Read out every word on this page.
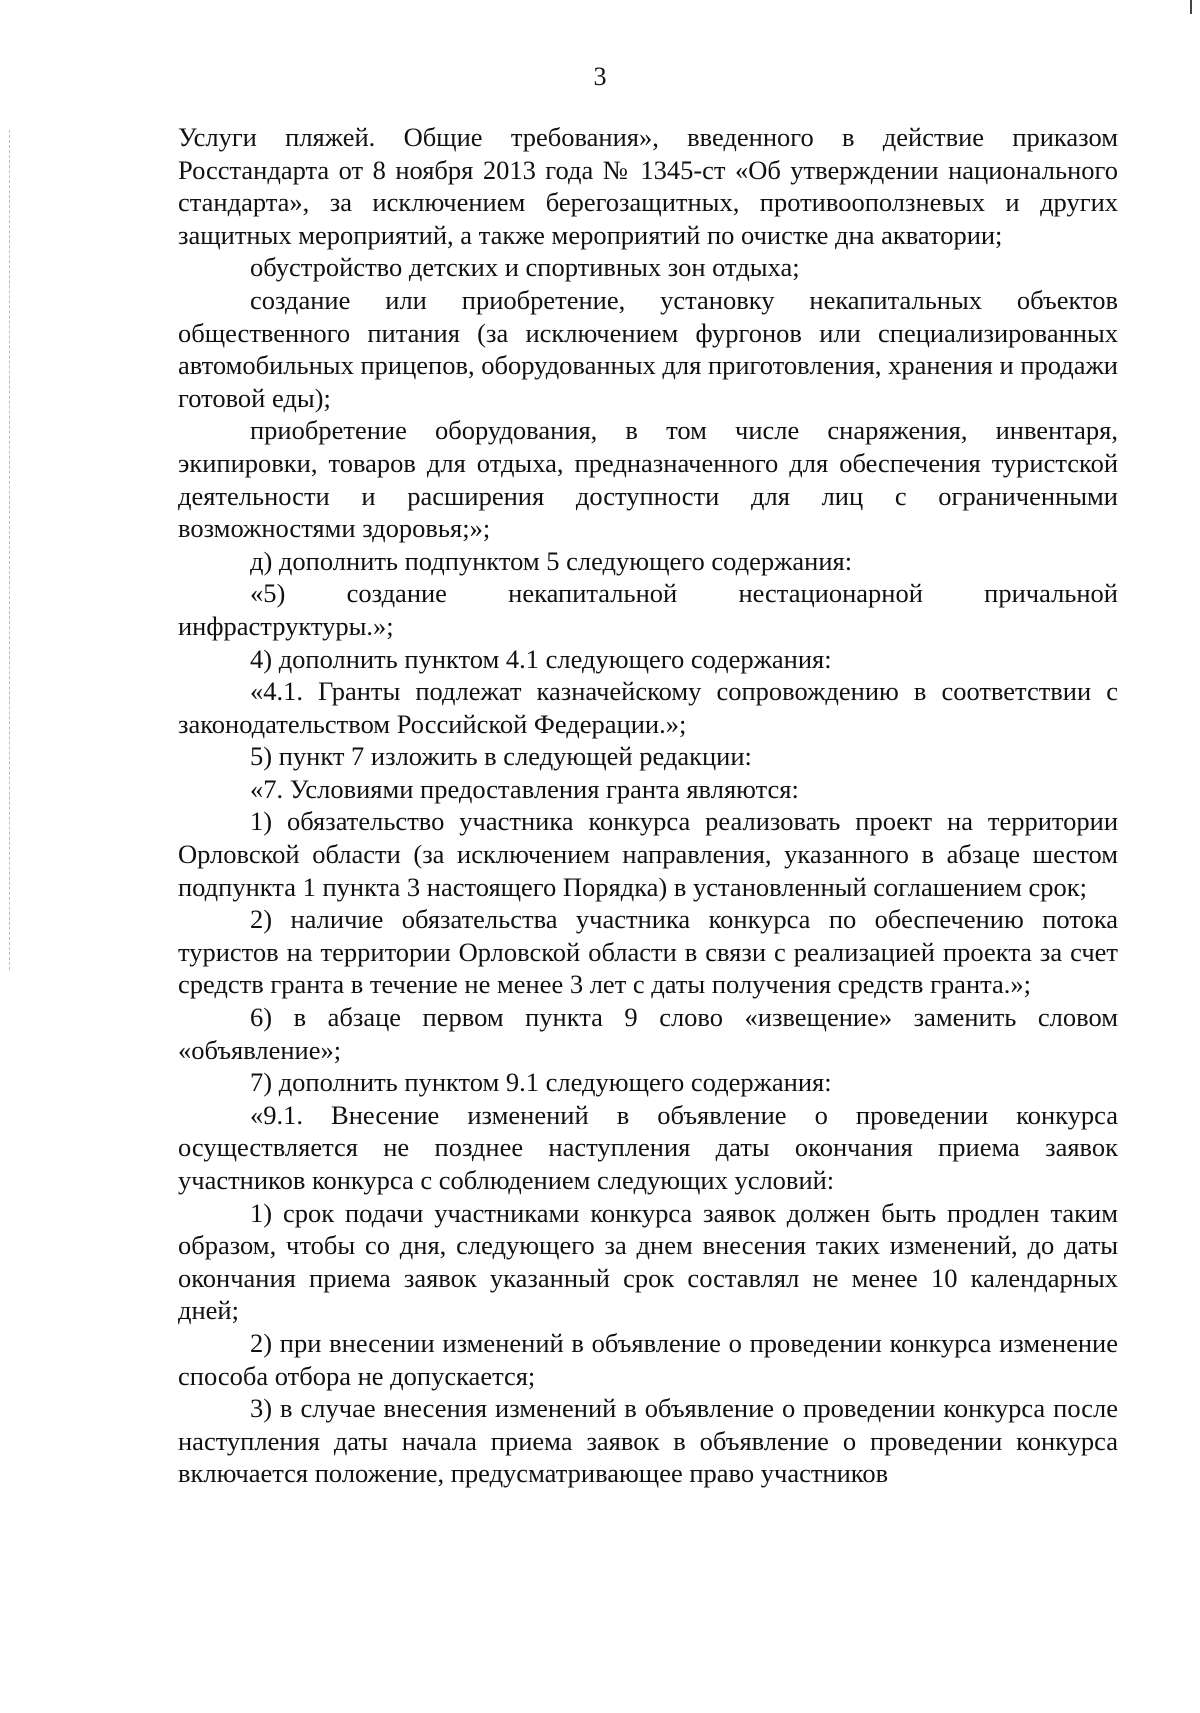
3

Услуги пляжей. Общие требования», введенного в действие приказом Росстандарта от 8 ноября 2013 года № 1345-ст «Об утверждении национального стандарта», за исключением берегозащитных, противооползневых и других защитных мероприятий, а также мероприятий по очистке дна акватории;

обустройство детских и спортивных зон отдыха;

создание или приобретение, установку некапитальных объектов общественного питания (за исключением фургонов или специализированных автомобильных прицепов, оборудованных для приготовления, хранения и продажи готовой еды);

приобретение оборудования, в том числе снаряжения, инвентаря, экипировки, товаров для отдыха, предназначенного для обеспечения туристской деятельности и расширения доступности для лиц с ограниченными возможностями здоровья;»;

д) дополнить подпунктом 5 следующего содержания:

«5) создание некапитальной нестационарной причальной инфраструктуры.»;

4) дополнить пунктом 4.1 следующего содержания:

«4.1. Гранты подлежат казначейскому сопровождению в соответствии с законодательством Российской Федерации.»;

5) пункт 7 изложить в следующей редакции:

«7. Условиями предоставления гранта являются:

1) обязательство участника конкурса реализовать проект на территории Орловской области (за исключением направления, указанного в абзаце шестом подпункта 1 пункта 3 настоящего Порядка) в установленный соглашением срок;

2) наличие обязательства участника конкурса по обеспечению потока туристов на территории Орловской области в связи с реализацией проекта за счет средств гранта в течение не менее 3 лет с даты получения средств гранта.»;

6) в абзаце первом пункта 9 слово «извещение» заменить словом «объявление»;

7) дополнить пунктом 9.1 следующего содержания:

«9.1. Внесение изменений в объявление о проведении конкурса осуществляется не позднее наступления даты окончания приема заявок участников конкурса с соблюдением следующих условий:

1) срок подачи участниками конкурса заявок должен быть продлен таким образом, чтобы со дня, следующего за днем внесения таких изменений, до даты окончания приема заявок указанный срок составлял не менее 10 календарных дней;

2) при внесении изменений в объявление о проведении конкурса изменение способа отбора не допускается;

3) в случае внесения изменений в объявление о проведении конкурса после наступления даты начала приема заявок в объявление о проведении конкурса включается положение, предусматривающее право участников
